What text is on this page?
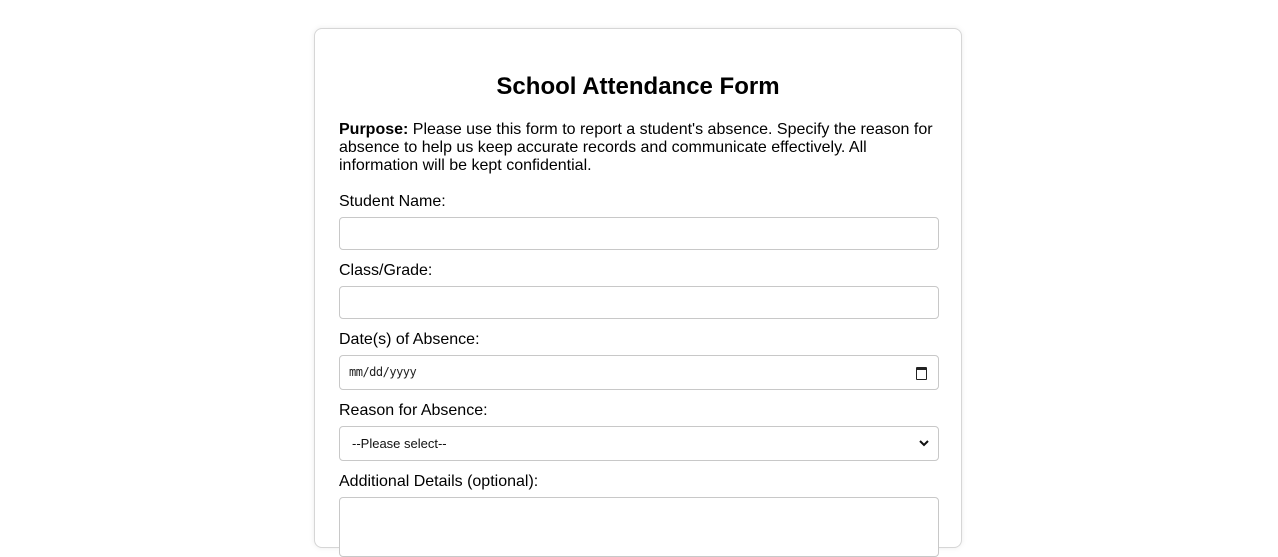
School Attendance Form

Purpose: Please use this form to report a student's absence. Specify the reason for absence to help us keep accurate records and communicate effectively. All information will be kept confidential.

Student Name:
Class/Grade:
Date(s) of Absence:
mm/dd/yyyy
Reason for Absence:
--Please select--
Additional Details (optional):
